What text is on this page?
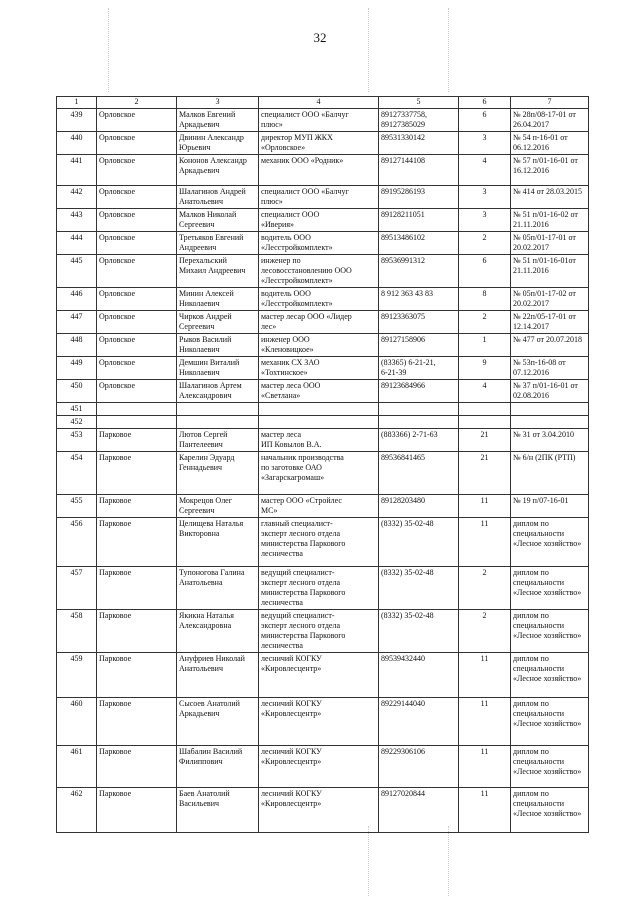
32
1	2	3	4	5	6	7

439	Орловское	Малков Евгений
Аркадьевич	специалист ООО «Балчуг
плюс»	89127337758,
89127385029	6	№ 28п/08-17-01 от
26.04.2017

440	Орловское	Двинин Александр
Юрьевич	директор МУП ЖКХ
«Орловское»	89531330142	3	№ 54 п-16-01 от
06.12.2016

441	Орловское	Кононов Александр
Аркадьевич	механик ООО «Родник»	89127144108	4	№ 57 п/01-16-01 от
16.12.2016

442	Орловское	Шалагинов Андрей
Анатольевич	специалист ООО «Балчуг
плюс»	89195286193	3	№ 414 от 28.03.2015

443	Орловское	Малков Николай
Сергеевич	специалист ООО
«Иверия»	89128211051	3	№ 51 п/01-16-02 от
21.11.2016

444	Орловское	Третьяков Евгений
Андреевич	водитель ООО
«Лесстройкомплект»	89513486102	2	№ 05п/01-17-01 от
20.02.2017

445	Орловское	Перехальский
Михаил Андреевич	инженер по
лесовосстановлению ООО
«Лесстройкомплект»	89536991312	6	№ 51 п/01-16-01от
21.11.2016

446	Орловское	Минин Алексей
Николаевич	водитель ООО
«Лесстройкомплект»	8 912 363 43 83	8	№ 05п/01-17-02 от
20.02.2017

447	Орловское	Чирков Андрей
Сергеевич	мастер лесар ООО «Лидер
лес»	89123363075	2	№ 22п/05-17-01 от
12.14.2017

448	Орловское	Рыков Василий
Николаевич	инженер ООО
«Кленовицкое»	89127158906	1	№ 477 от 20.07.2018

449	Орловское	Демшин Виталий
Николаевич	механик СХ ЗАО
«Тохтинское»	(83365) 6-21-21,
6-21-39	9	№ 53п-16-08 от
07.12.2016

450	Орловское	Шалагинов Артем
Александрович	мастер леса ООО
«Светлана»	89123684966	4	№ 37 п/01-16-01 от
02.08.2016

451						

452						

453	Парковое	Лютов Сергей
Пантелеевич	мастер леса
ИП Ковылов В.А.	(883366) 2-71-63	21	№ 31 от 3.04.2010

454	Парковое	Карелин Эдуард
Геннадьевич	начальник производства
по заготовке ОАО
«Загарскагромаш»	89536841465	21	№ 6/н (2ПК (РТП)

455	Парковое	Мокрецов Олег
Сергеевич	мастер ООО «Стройлес
МС»	89128203480	11	№ 19 п/07-16-01

456	Парковое	Целищева Наталья
Викторовна	главный специалист-
эксперт лесного отдела
министерства Паркового
лесничества	(8332) 35-02-48	11	диплом по
специальности
«Лесное хозяйство»

457	Парковое	Тупоногова Галина
Анатольевна	ведущий специалист-
эксперт лесного отдела
министерства Паркового
лесничества	(8332) 35-02-48	2	диплом по
специальности
«Лесное хозяйство»

458	Парковое	Якикна Наталья
Александровна	ведущий специалист-
эксперт лесного отдела
министерства Паркового
лесничества	(8332) 35-02-48	2	диплом по
специальности
«Лесное хозяйство»

459	Парковое	Ануфриев Николай
Анатольевич	лесничий КОГКУ
«Кировлесцентр»	89539432440	11	диплом по
специальности
«Лесное хозяйство»

460	Парковое	Сысоев Анатолий
Аркадьевич	лесничий КОГКУ
«Кировлесцентр»	89229144040	11	диплом по
специальности
«Лесное хозяйство»

461	Парковое	Шабалин Василий
Филиппович	лесничий КОГКУ
«Кировлесцентр»	89229306106	11	диплом по
специальности
«Лесное хозяйство»

462	Парковое	Баев Анатолий
Васильевич	лесничий КОГКУ
«Кировлесцентр»	89127020844	11	диплом по
специальности
«Лесное хозяйство»
